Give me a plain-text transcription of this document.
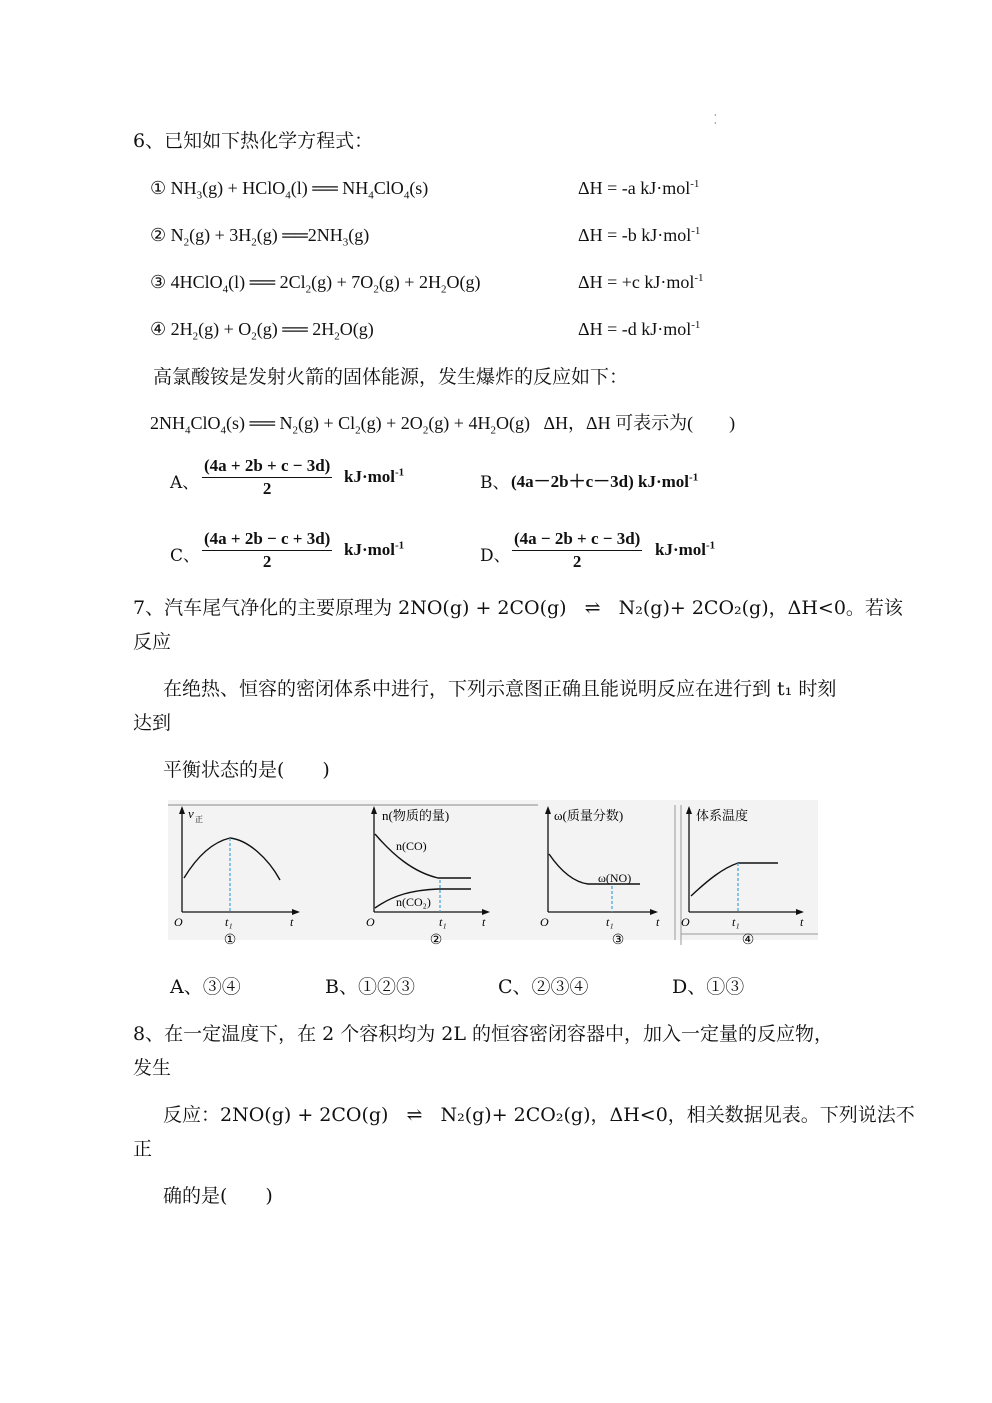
·
·
6、已知如下热化学方程式：
① $NH_3(g)$ + HClO$_4$(l) ══ $NH_4ClO_4(s)$	ΔH = -a kJ·mol$^{-1}$
② $N_2(g) + 3H_2(g)$ $══2NH_3(g)$	ΔH = -b kJ·mol$^{-1}$
③ 4HClO$_4$(l) ══ $2Cl_2(g) + 7O_2(g) + 2H_2O(g)$	ΔH = +c kJ·mol$^{-1}$
④ $2H_2(g) + O_2(g)$ ══ $2H_2O(g)$	ΔH = -d kJ·mol$^{-1}$
高氯酸铵是发射火箭的固体能源，发生爆炸的反应如下：
$2NH_4ClO_4(s)$ ══ $N_2(g) + Cl_2(g) + 2O_2(g) + 4H_2O(g)$   ΔH，ΔH 可表示为(　　)
A、 $\frac{(4a + 2b + c - 3d)}{2} kJ\cdot mol^{-1}$
B、 (4a－2b＋c－3d) kJ·mol$^{-1}$
C、 $\frac{(4a + 2b - c + 3d)}{2} kJ\cdot mol^{-1}$
D、 $\frac{(4a - 2b + c - 3d)}{2} kJ\cdot mol^{-1}$
7、汽车尾气净化的主要原理为 2NO(g) + 2CO(g) ⇌ N₂(g)+ 2CO₂(g)，ΔH<0。若该
反应
在绝热、恒容的密闭体系中进行，下列示意图正确且能说明反应在进行到 t₁ 时刻
达到
平衡状态的是(　　)
v 正
O	t₁	t
①
n(物质的量)
n(CO)
n(CO₂)
O	t₁	t
②
ω(质量分数)
ω(NO)
O	t₁	t
③
体系温度
O	t₁	t
④
A、③④	B、①②③	C、②③④	D、①③
8、在一定温度下，在 2 个容积均为 2L 的恒容密闭容器中，加入一定量的反应物，
发生
反应：2NO(g) + 2CO(g) ⇌ N₂(g)+ 2CO₂(g)，ΔH<0，相关数据见表。下列说法不
正
确的是(　　)
